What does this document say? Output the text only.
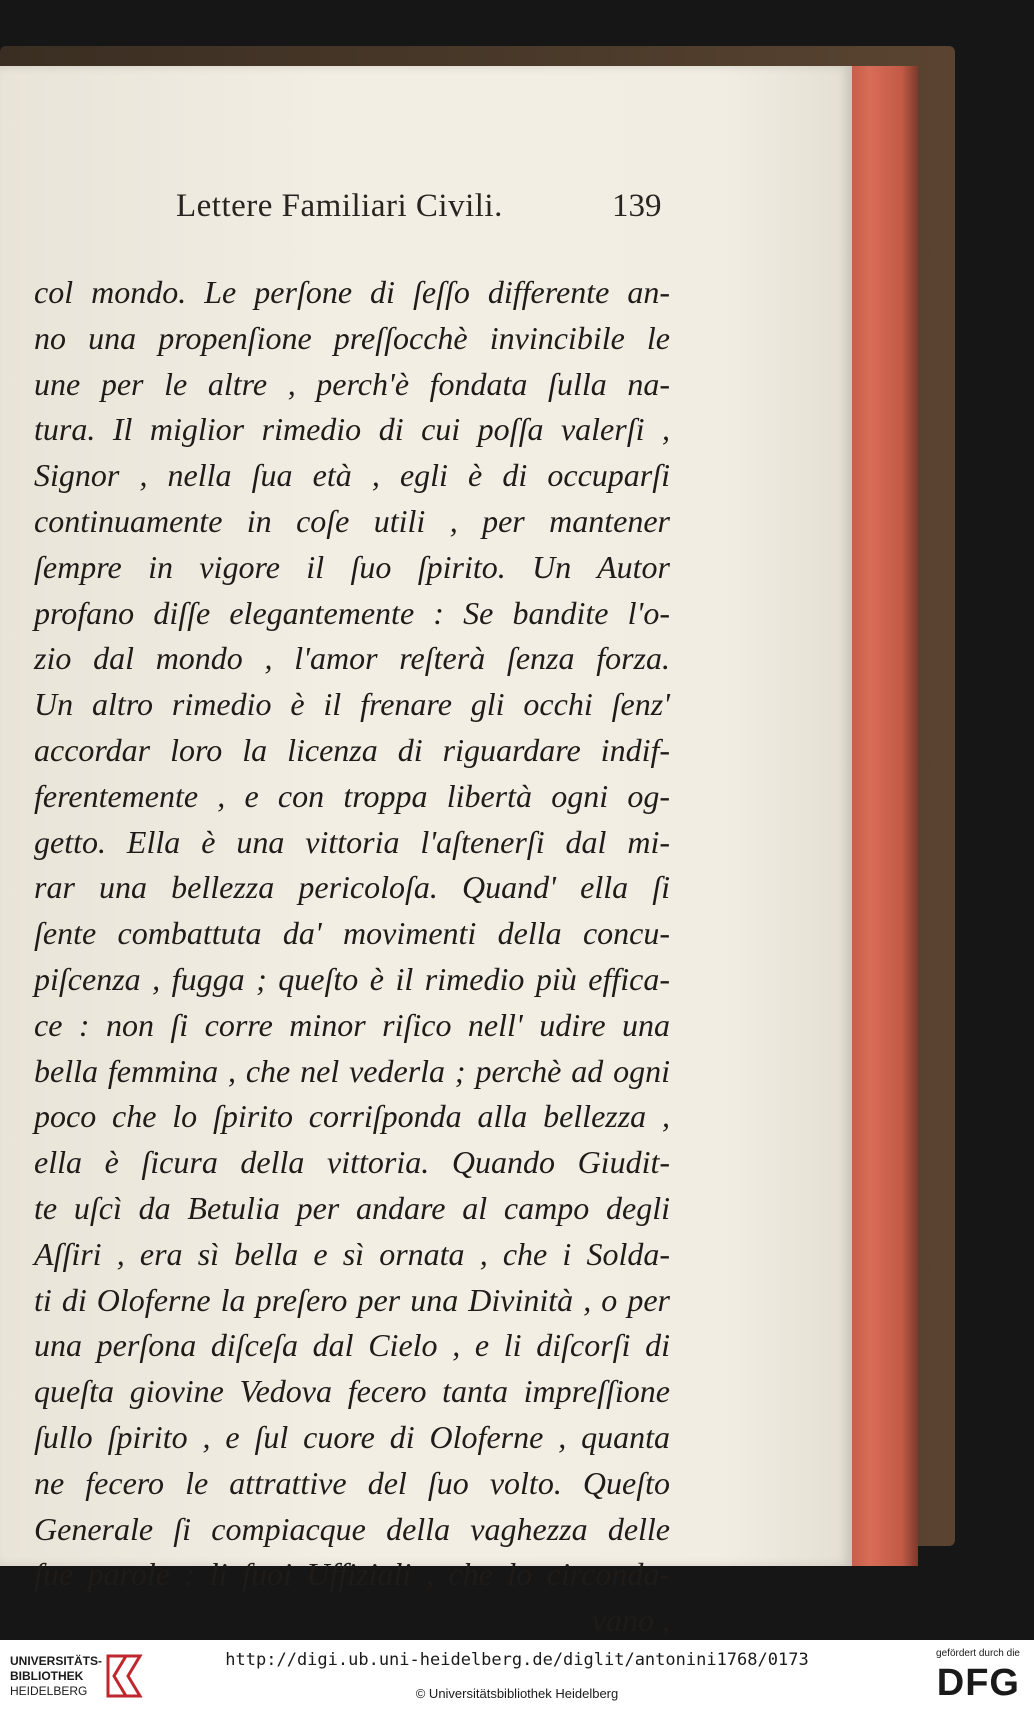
Lettere Familiari Civili.	139
col mondo. Le perſone di ſeſſo differente an-
no una propenſione preſſocchè invincibile le
une per le altre , perch'è fondata ſulla na-
tura. Il miglior rimedio di cui poſſa valerſi ,
Signor , nella ſua età , egli è di occuparſi
continuamente in coſe utili , per mantener
ſempre in vigore il ſuo ſpirito. Un Autor
profano diſſe elegantemente : Se bandite l'o-
zio dal mondo , l'amor reſterà ſenza forza.
Un altro rimedio è il frenare gli occhi ſenz'
accordar loro la licenza di riguardare indif-
ferentemente , e con troppa libertà ogni og-
getto. Ella è una vittoria l'aſtenerſi dal mi-
rar una bellezza pericoloſa. Quand' ella ſi
ſente combattuta da' movimenti della concu-
piſcenza , fugga ; queſto è il rimedio più effica-
ce : non ſi corre minor riſico nell' udire una
bella femmina , che nel vederla ; perchè ad ogni
poco che lo ſpirito corriſponda alla bellezza ,
ella è ſicura della vittoria. Quando Giudit-
te uſcì da Betulia per andare al campo degli
Aſſiri , era sì bella e sì ornata , che i Solda-
ti di Oloferne la preſero per una Divinità , o per
una perſona diſceſa dal Cielo , e li diſcorſi di
queſta giovine Vedova fecero tanta impreſſione
ſullo ſpirito , e ſul cuore di Oloferne , quanta
ne fecero le attrattive del ſuo volto. Queſto
Generale ſi compiacque della vaghezza delle
ſue parole : li ſuoi Uffiziali , che lo circonda-
vano ,
UNIVERSITÄTS-
BIBLIOTHEK
HEIDELBERG
http://digi.ub.uni-heidelberg.de/diglit/antonini1768/0173
© Universitätsbibliothek Heidelberg
gefördert durch die
DFG
